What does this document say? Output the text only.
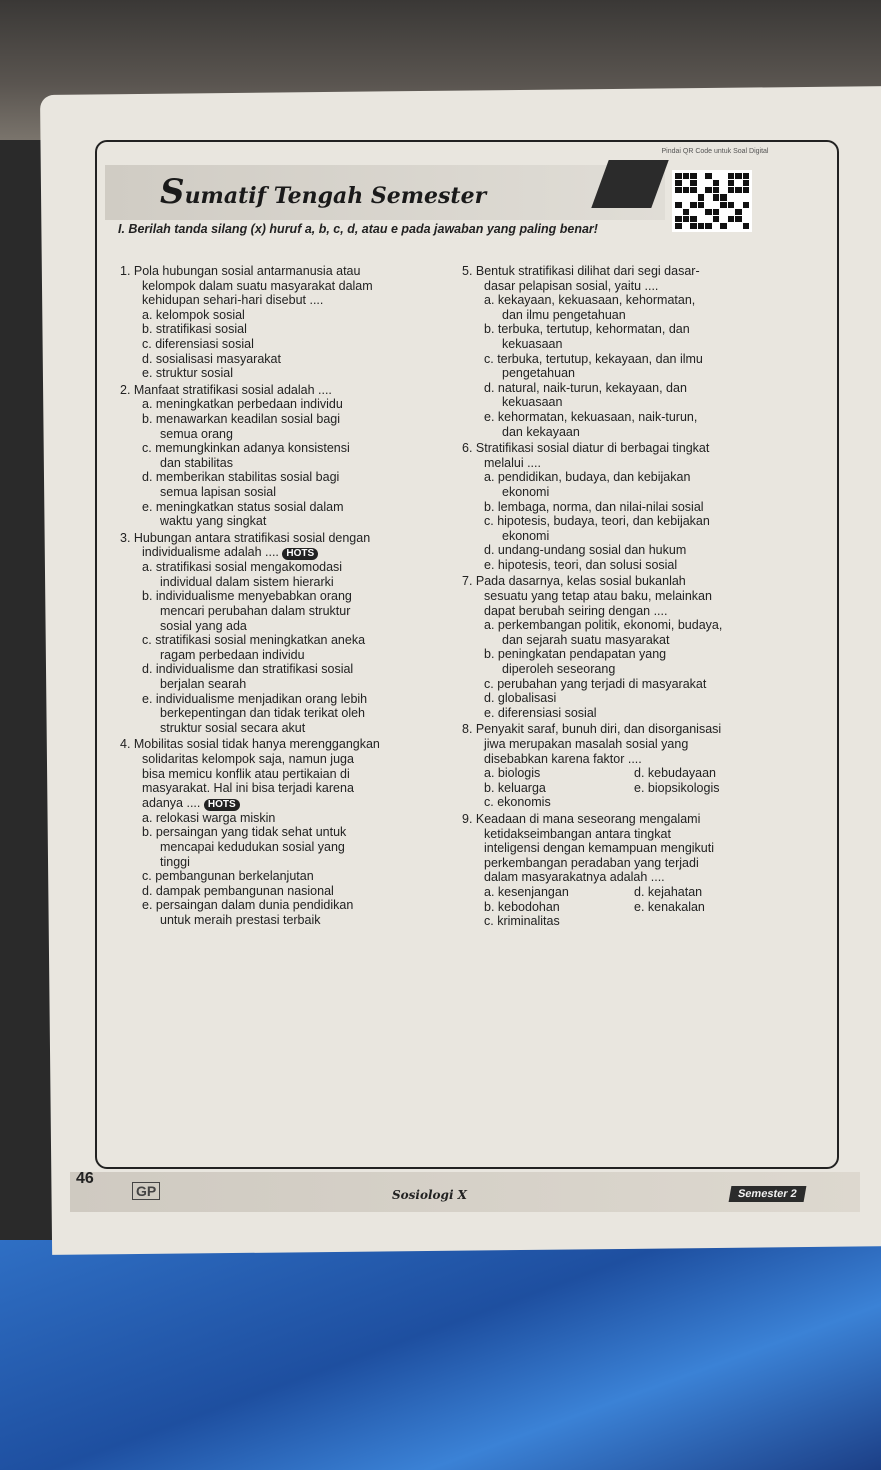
Sumatif Tengah Semester
Pindai QR Code untuk Soal Digital
I. Berilah tanda silang (x) huruf a, b, c, d, atau e pada jawaban yang paling benar!

1. Pola hubungan sosial antarmanusia atau

kelompok dalam suatu masyarakat dalam

kehidupan sehari-hari disebut ....

a. kelompok sosial

b. stratifikasi sosial

c. diferensiasi sosial

d. sosialisasi masyarakat

e. struktur sosial

2. Manfaat stratifikasi sosial adalah ....

a. meningkatkan perbedaan individu

b. menawarkan keadilan sosial bagi

semua orang

c. memungkinkan adanya konsistensi

dan stabilitas

d. memberikan stabilitas sosial bagi

semua lapisan sosial

e. meningkatkan status sosial dalam

waktu yang singkat

3. Hubungan antara stratifikasi sosial dengan

individualisme adalah .... HOTS

a. stratifikasi sosial mengakomodasi

individual dalam sistem hierarki

b. individualisme menyebabkan orang

mencari perubahan dalam struktur

sosial yang ada

c. stratifikasi sosial meningkatkan aneka

ragam perbedaan individu

d. individualisme dan stratifikasi sosial

berjalan searah

e. individualisme menjadikan orang lebih

berkepentingan dan tidak terikat oleh

struktur sosial secara akut

4. Mobilitas sosial tidak hanya merenggangkan

solidaritas kelompok saja, namun juga

bisa memicu konflik atau pertikaian di

masyarakat. Hal ini bisa terjadi karena

adanya .... HOTS

a. relokasi warga miskin

b. persaingan yang tidak sehat untuk

mencapai kedudukan sosial yang

tinggi

c. pembangunan berkelanjutan

d. dampak pembangunan nasional

e. persaingan dalam dunia pendidikan

untuk meraih prestasi terbaik

5. Bentuk stratifikasi dilihat dari segi dasar-

dasar pelapisan sosial, yaitu ....

a. kekayaan, kekuasaan, kehormatan,

dan ilmu pengetahuan

b. terbuka, tertutup, kehormatan, dan

kekuasaan

c. terbuka, tertutup, kekayaan, dan ilmu

pengetahuan

d. natural, naik-turun, kekayaan, dan

kekuasaan

e. kehormatan, kekuasaan, naik-turun,

dan kekayaan

6. Stratifikasi sosial diatur di berbagai tingkat

melalui ....

a. pendidikan, budaya, dan kebijakan

ekonomi

b. lembaga, norma, dan nilai-nilai sosial

c. hipotesis, budaya, teori, dan kebijakan

ekonomi

d. undang-undang sosial dan hukum

e. hipotesis, teori, dan solusi sosial

7. Pada dasarnya, kelas sosial bukanlah

sesuatu yang tetap atau baku, melainkan

dapat berubah seiring dengan ....

a. perkembangan politik, ekonomi, budaya,

dan sejarah suatu masyarakat

b. peningkatan pendapatan yang

diperoleh seseorang

c. perubahan yang terjadi di masyarakat

d. globalisasi

e. diferensiasi sosial

8. Penyakit saraf, bunuh diri, dan disorganisasi

jiwa merupakan masalah sosial yang

disebabkan karena faktor ....

a. biologis	d. kebudayaan

b. keluarga	e. biopsikologis

c. ekonomis

9. Keadaan di mana seseorang mengalami

ketidakseimbangan antara tingkat

inteligensi dengan kemampuan mengikuti

perkembangan peradaban yang terjadi

dalam masyarakatnya adalah ....

a. kesenjangan	d. kejahatan

b. kebodohan	e. kenakalan

c. kriminalitas

46
GP	Sosiologi X	Semester 2
